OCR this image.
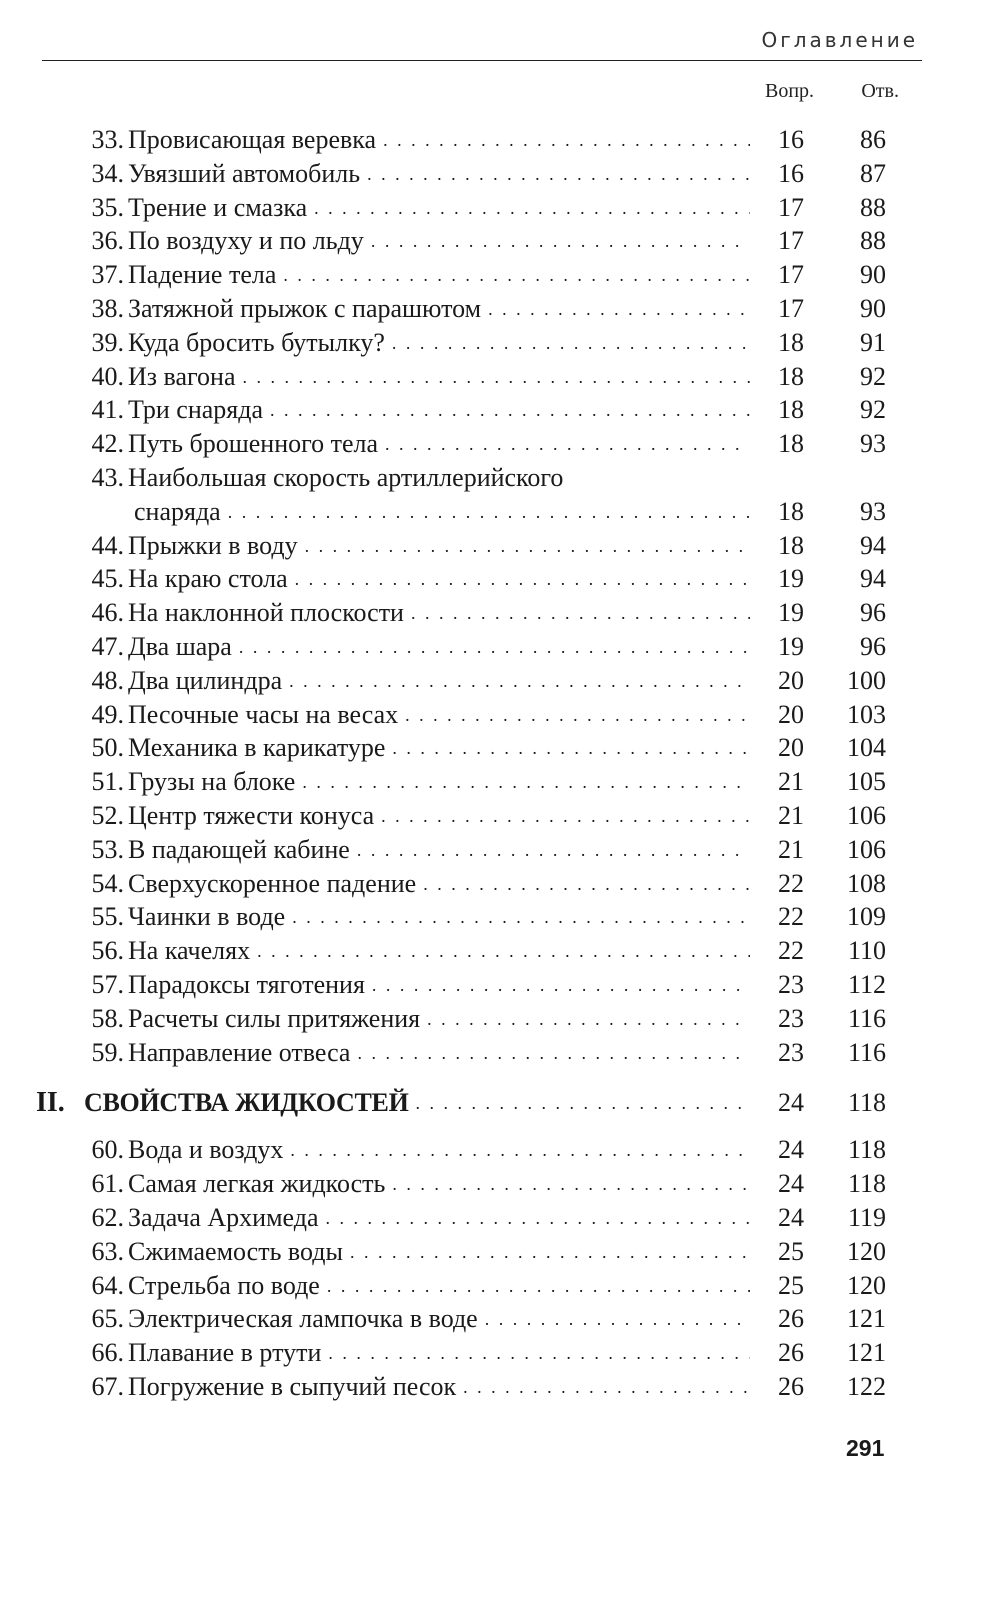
Оглавление
Вопр.	Отв.
33. Провисающая веревка . . .	16	86
34. Увязший автомобиль . . .	16	87
35. Трение и смазка . . .	17	88
36. По воздуху и по льду . . .	17	88
37. Падение тела . . .	17	90
38. Затяжной прыжок с парашютом . . .	17	90
39. Куда бросить бутылку? . . .	18	91
40. Из вагона . . .	18	92
41. Три снаряда . . .	18	92
42. Путь брошенного тела . . .	18	93
43. Наибольшая скорость артиллерийского
снаряда . . .	18	93
44. Прыжки в воду . . .	18	94
45. На краю стола . . .	19	94
46. На наклонной плоскости . . .	19	96
47. Два шара . . .	19	96
48. Два цилиндра . . .	20	100
49. Песочные часы на весах . . .	20	103
50. Механика в карикатуре . . .	20	104
51. Грузы на блоке . . .	21	105
52. Центр тяжести конуса . . .	21	106
53. В падающей кабине . . .	21	106
54. Сверхускоренное падение . . .	22	108
55. Чаинки в воде . . .	22	109
56. На качелях . . .	22	110
57. Парадоксы тяготения . . .	23	112
58. Расчеты силы притяжения . . .	23	116
59. Направление отвеса . . .	23	116
II. СВОЙСТВА ЖИДКОСТЕЙ . . .	24	118
60. Вода и воздух . . .	24	118
61. Самая легкая жидкость . . .	24	118
62. Задача Архимеда . . .	24	119
63. Сжимаемость воды . . .	25	120
64. Стрельба по воде . . .	25	120
65. Электрическая лампочка в воде . . .	26	121
66. Плавание в ртути . . .	26	121
67. Погружение в сыпучий песок . . .	26	122
291
